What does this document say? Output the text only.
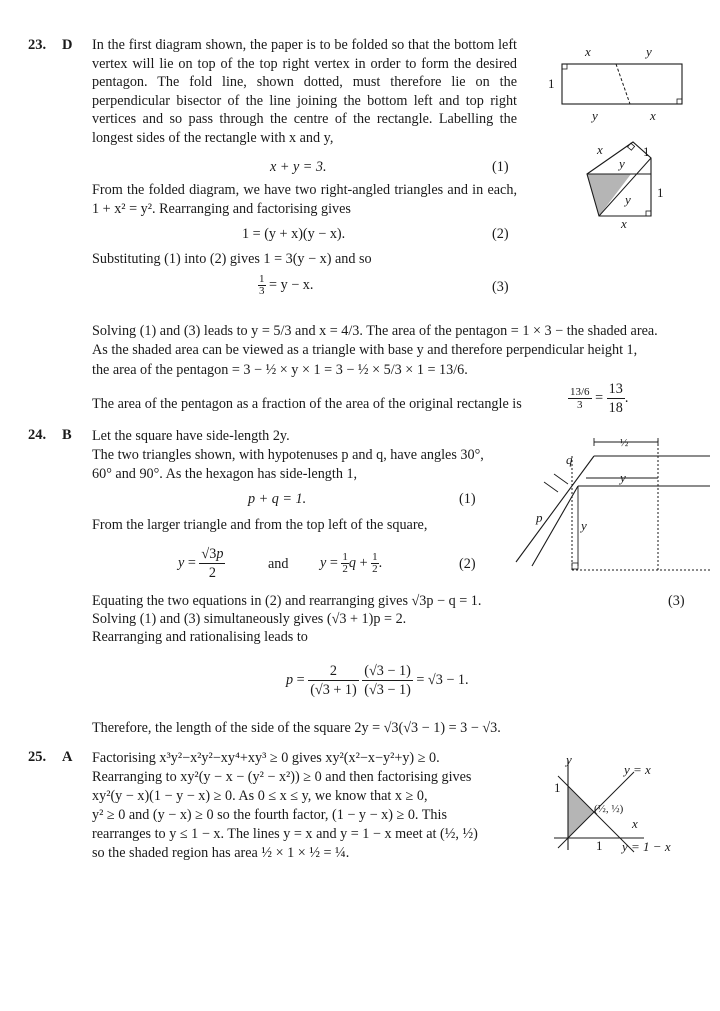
23. D In the first diagram shown, the paper is to be folded so that the bottom left vertex will lie on top of the top right vertex in order to form the desired pentagon. The fold line, shown dotted, must therefore lie on the perpendicular bisector of the line joining the bottom left and top right vertices and so pass through the centre of the rectangle. Labelling the longest sides of the rectangle with x and y,
x + y = 3.	(1)
From the folded diagram, we have two right-angled triangles and in each, 1 + x² = y². Rearranging and factorising gives
1 = (y + x)(y − x).	(2)
Substituting (1) into (2) gives 1 = 3(y − x) and so
$\frac{1}{3} = y - x$.	(3)
Solving (1) and (3) leads to y = 5/3 and x = 4/3. The area of the pentagon = 1 × 3 − the shaded area.
As the shaded area can be viewed as a triangle with base y and therefore perpendicular height 1,
the area of the pentagon = 3 − ½ × y × 1 = 3 − ½ × 5/3 × 1 = 13/6.
The area of the pentagon as a fraction of the area of the original rectangle is	$\frac{13/6}{3} = \frac{13}{18}$ .
x	y
1
y	x
x	1
y
y 1
x
24. B Let the square have side-length 2y.
The two triangles shown, with hypotenuses p and q, have angles 30°, 60° and 90°. As the hexagon has side-length 1,
p + q = 1.	(1)
From the larger triangle and from the top left of the square,
$y = \frac{√3p}{2}$	and $y = \frac{1}{2}$ $q + \frac{1}{2}$ .	(2)
Equating the two equations in (2) and rearranging gives √3p − q = 1.	(3)
Solving (1) and (3) simultaneously gives (√3 + 1)p = 2.
Rearranging and rationalising leads to
$p = \frac{2}{(√3 + 1)}$
$\frac{(√3 - 1)}{(√3 - 1)} = √3 - 1$.
Therefore, the length of the side of the square 2y = √3(√3 − 1) = 3 − √3.
½
q
y
p
y
25. A Factorising x³y²−x²y²−xy⁴+xy³ ≥ 0 gives xy²(x²−x−y²+y) ≥ 0.
Rearranging to xy²(y − x − (y² − x²)) ≥ 0 and then factorising gives
xy²(y − x)(1 − y − x) ≥ 0. As 0 ≤ x ≤ y, we know that x ≥ 0,
y² ≥ 0 and (y − x) ≥ 0 so the fourth factor, (1 − y − x) ≥ 0. This
rearranges to y ≤ 1 − x. The lines y = x and y = 1 − x meet at (½, ½)
so the shaded region has area ½ × 1 × ½ = ¼.
y
y = x
1
(½, ½)
x
1 y = 1 − x
